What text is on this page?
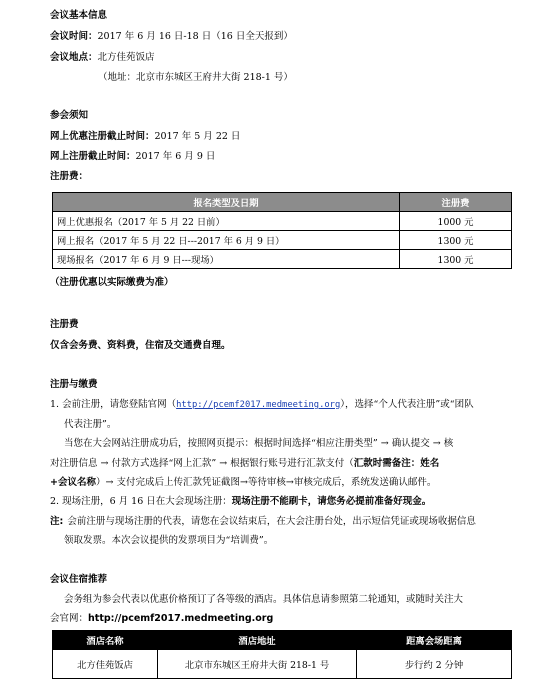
会议基本信息
会议时间：2017 年 6 月 16 日-18 日（16 日全天报到）
会议地点：北方佳苑饭店
（地址：北京市东城区王府井大街 218-1 号）
参会须知
网上优惠注册截止时间：2017 年 5 月 22 日
网上注册截止时间：2017 年 6 月 9 日
注册费：
报名类型及日期	注册费
网上优惠报名（2017 年 5 月 22 日前）	1000 元
网上报名（2017 年 5 月 22 日---2017 年 6 月 9 日）	1300 元
现场报名（2017 年 6 月 9 日---现场）	1300 元
（注册优惠以实际缴费为准）
注册费
仅含会务费、资料费，住宿及交通费自理。
注册与缴费
1. 会前注册，请您登陆官网（http://pcemf2017.medmeeting.org），选择“个人代表注册”或“团队
代表注册”。
当您在大会网站注册成功后，按照网页提示：根据时间选择“相应注册类型” → 确认提交 → 核
对注册信息 → 付款方式选择“网上汇款” → 根据银行账号进行汇款支付（汇款时需备注：姓名
+会议名称）→ 支付完成后上传汇款凭证截图→等待审核→审核完成后，系统发送确认邮件。
2. 现场注册，6 月 16 日在大会现场注册：现场注册不能刷卡，请您务必提前准备好现金。
注: 会前注册与现场注册的代表，请您在会议结束后，在大会注册台处，出示短信凭证或现场收据信息
领取发票。本次会议提供的发票项目为“培训费”。
会议住宿推荐
会务组为参会代表以优惠价格预订了各等级的酒店。具体信息请参照第二轮通知，或随时关注大
会官网：http://pcemf2017.medmeeting.org
酒店名称	酒店地址	距离会场距离
北方佳苑饭店	北京市东城区王府井大街 218-1 号	步行约 2 分钟
